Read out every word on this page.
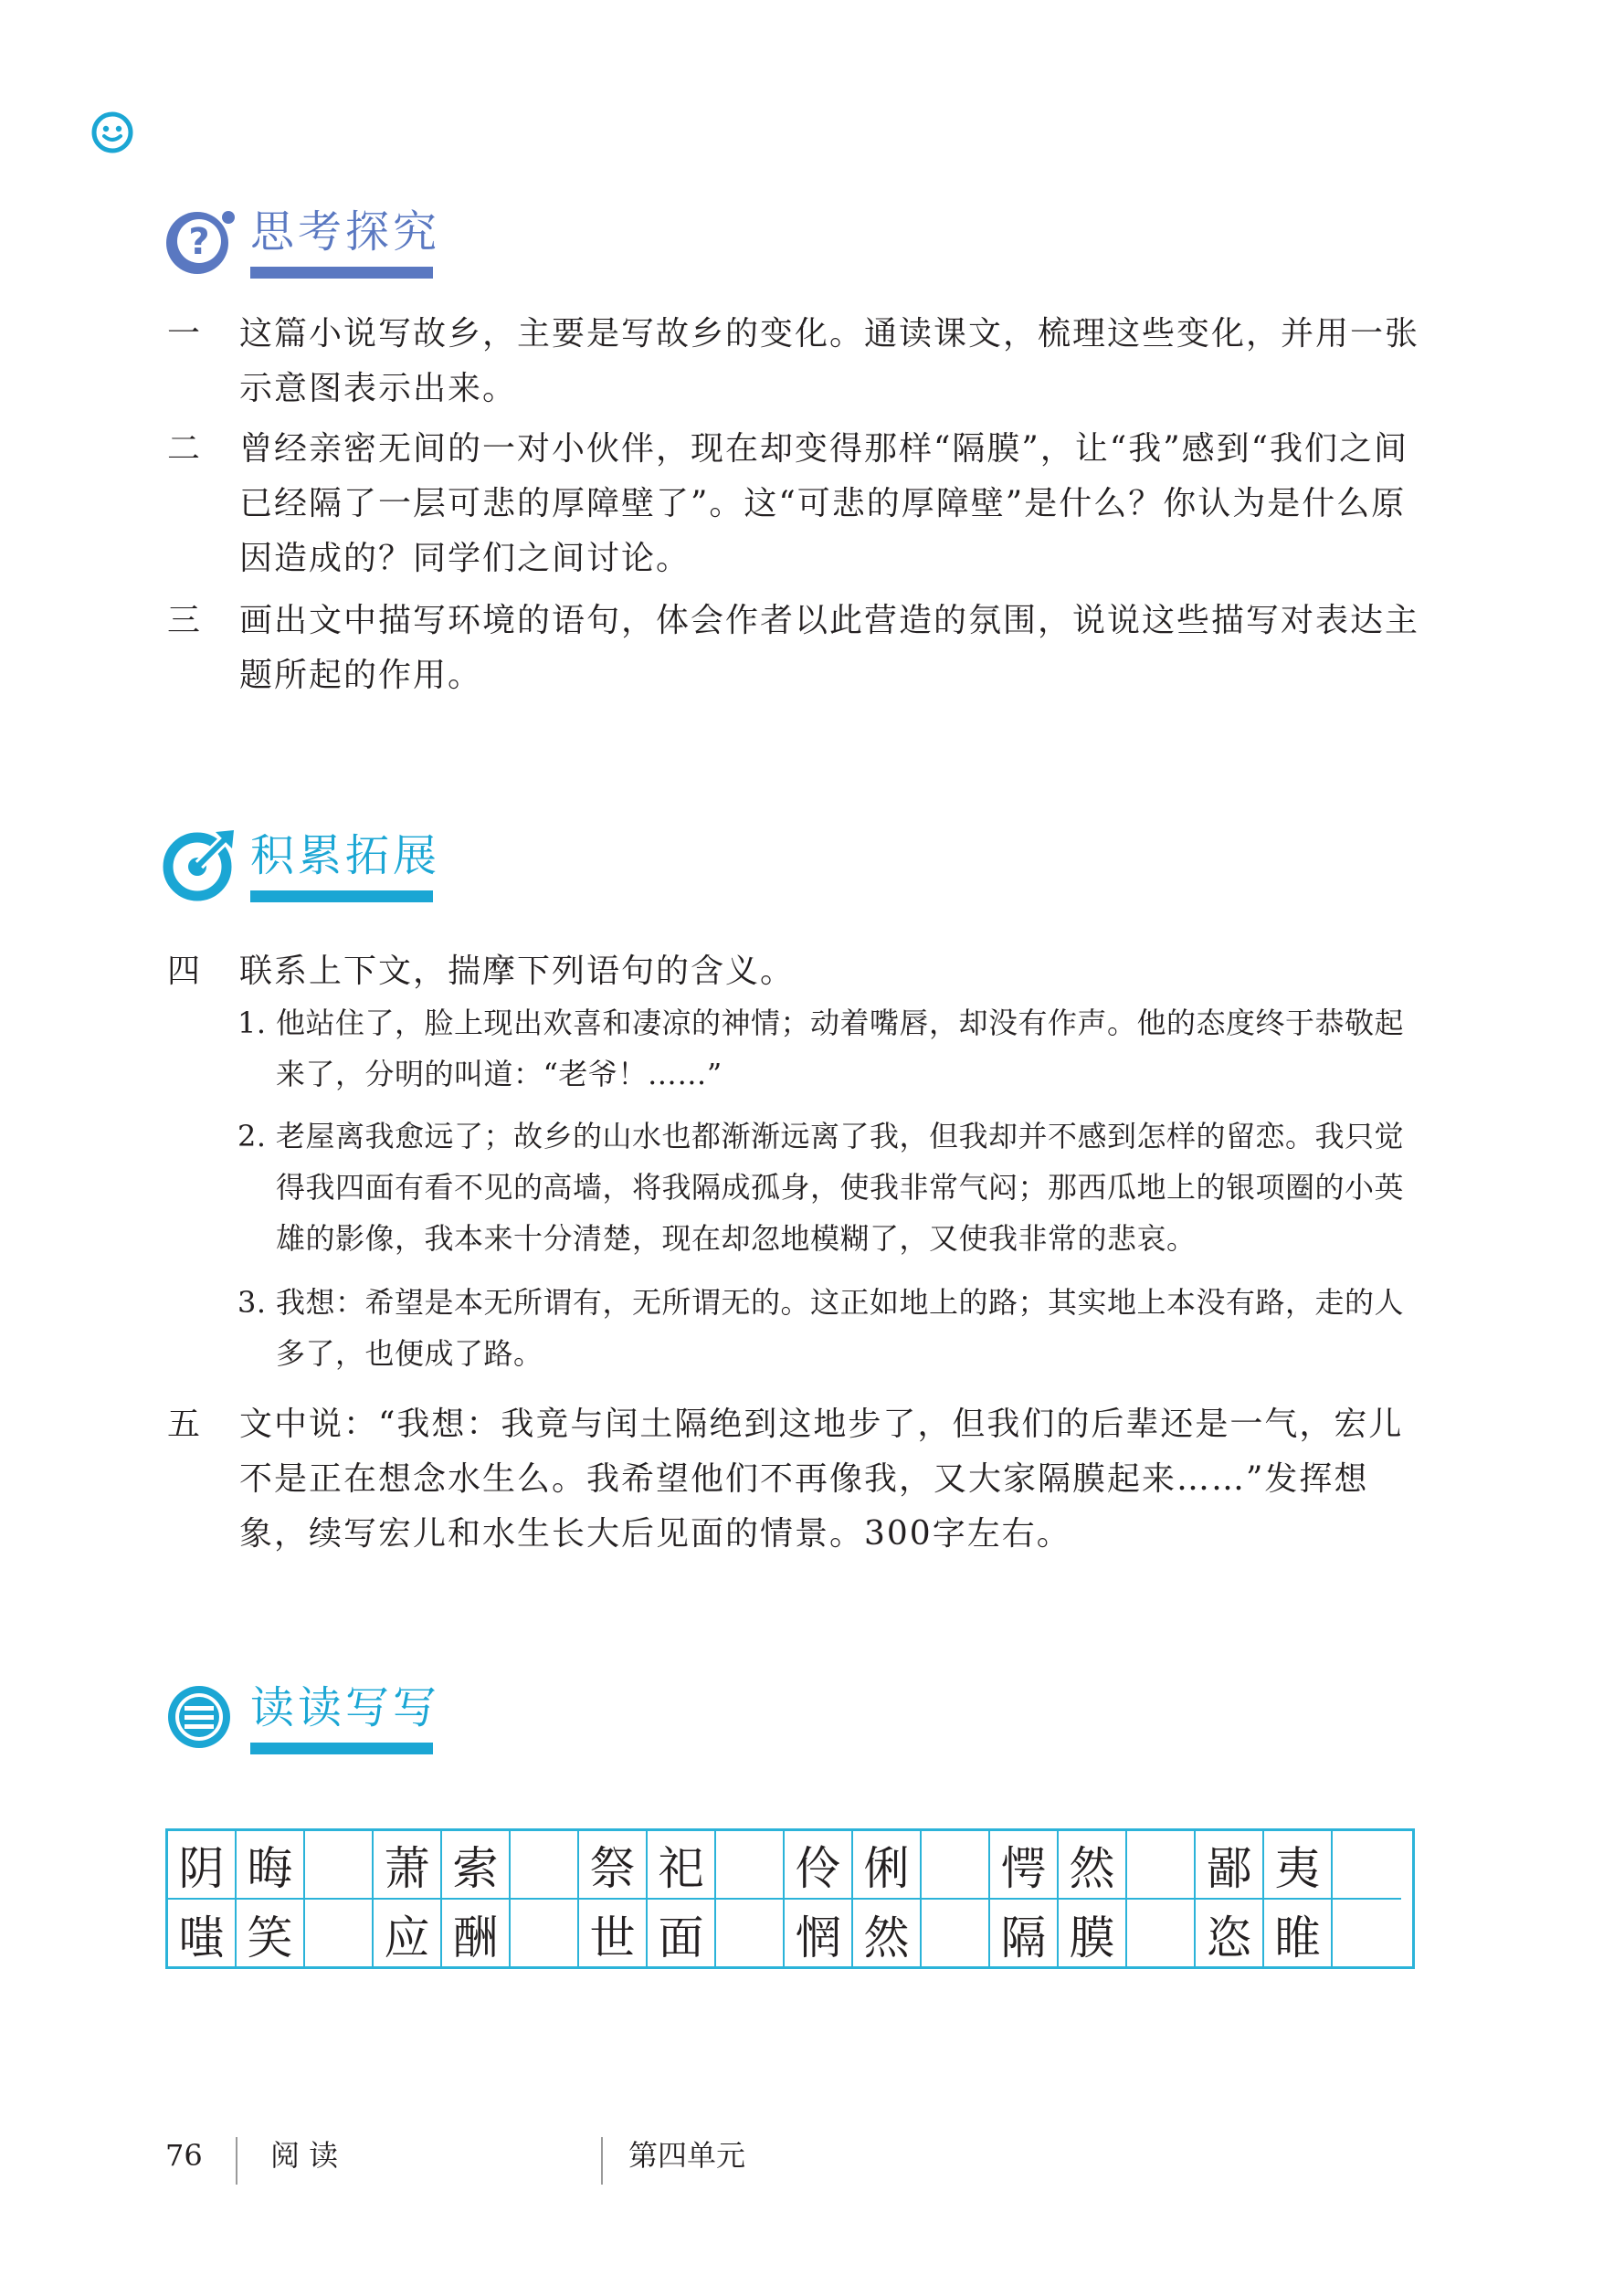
? 思考探究
一	这篇小说写故乡，主要是写故乡的变化。通读课文，梳理这些变化，并用一张示意图表示出来。
二	曾经亲密无间的一对小伙伴，现在却变得那样“隔膜”，让“我”感到“我们之间已经隔了一层可悲的厚障壁了”。这“可悲的厚障壁”是什么？你认为是什么原因造成的？同学们之间讨论。
三	画出文中描写环境的语句，体会作者以此营造的氛围，说说这些描写对表达主题所起的作用。
积累拓展
四	联系上下文，揣摩下列语句的含义。
1. 他站住了，脸上现出欢喜和凄凉的神情；动着嘴唇，却没有作声。他的态度终于恭敬起来了，分明的叫道：“老爷！……”
2. 老屋离我愈远了；故乡的山水也都渐渐远离了我，但我却并不感到怎样的留恋。我只觉得我四面有看不见的高墙，将我隔成孤身，使我非常气闷；那西瓜地上的银项圈的小英雄的影像，我本来十分清楚，现在却忽地模糊了，又使我非常的悲哀。
3. 我想：希望是本无所谓有，无所谓无的。这正如地上的路；其实地上本没有路，走的人多了，也便成了路。
五	文中说：“我想：我竟与闰土隔绝到这地步了，但我们的后辈还是一气，宏儿不是正在想念水生么。我希望他们不再像我，又大家隔膜起来……”发挥想象，续写宏儿和水生长大后见面的情景。300字左右。
读读写写
阴 晦 萧 索 祭 祀 伶 俐 愕 然 鄙 夷
嗤 笑 应 酬 世 面 惘 然 隔 膜 恣 睢
76 阅 读	第四单元
